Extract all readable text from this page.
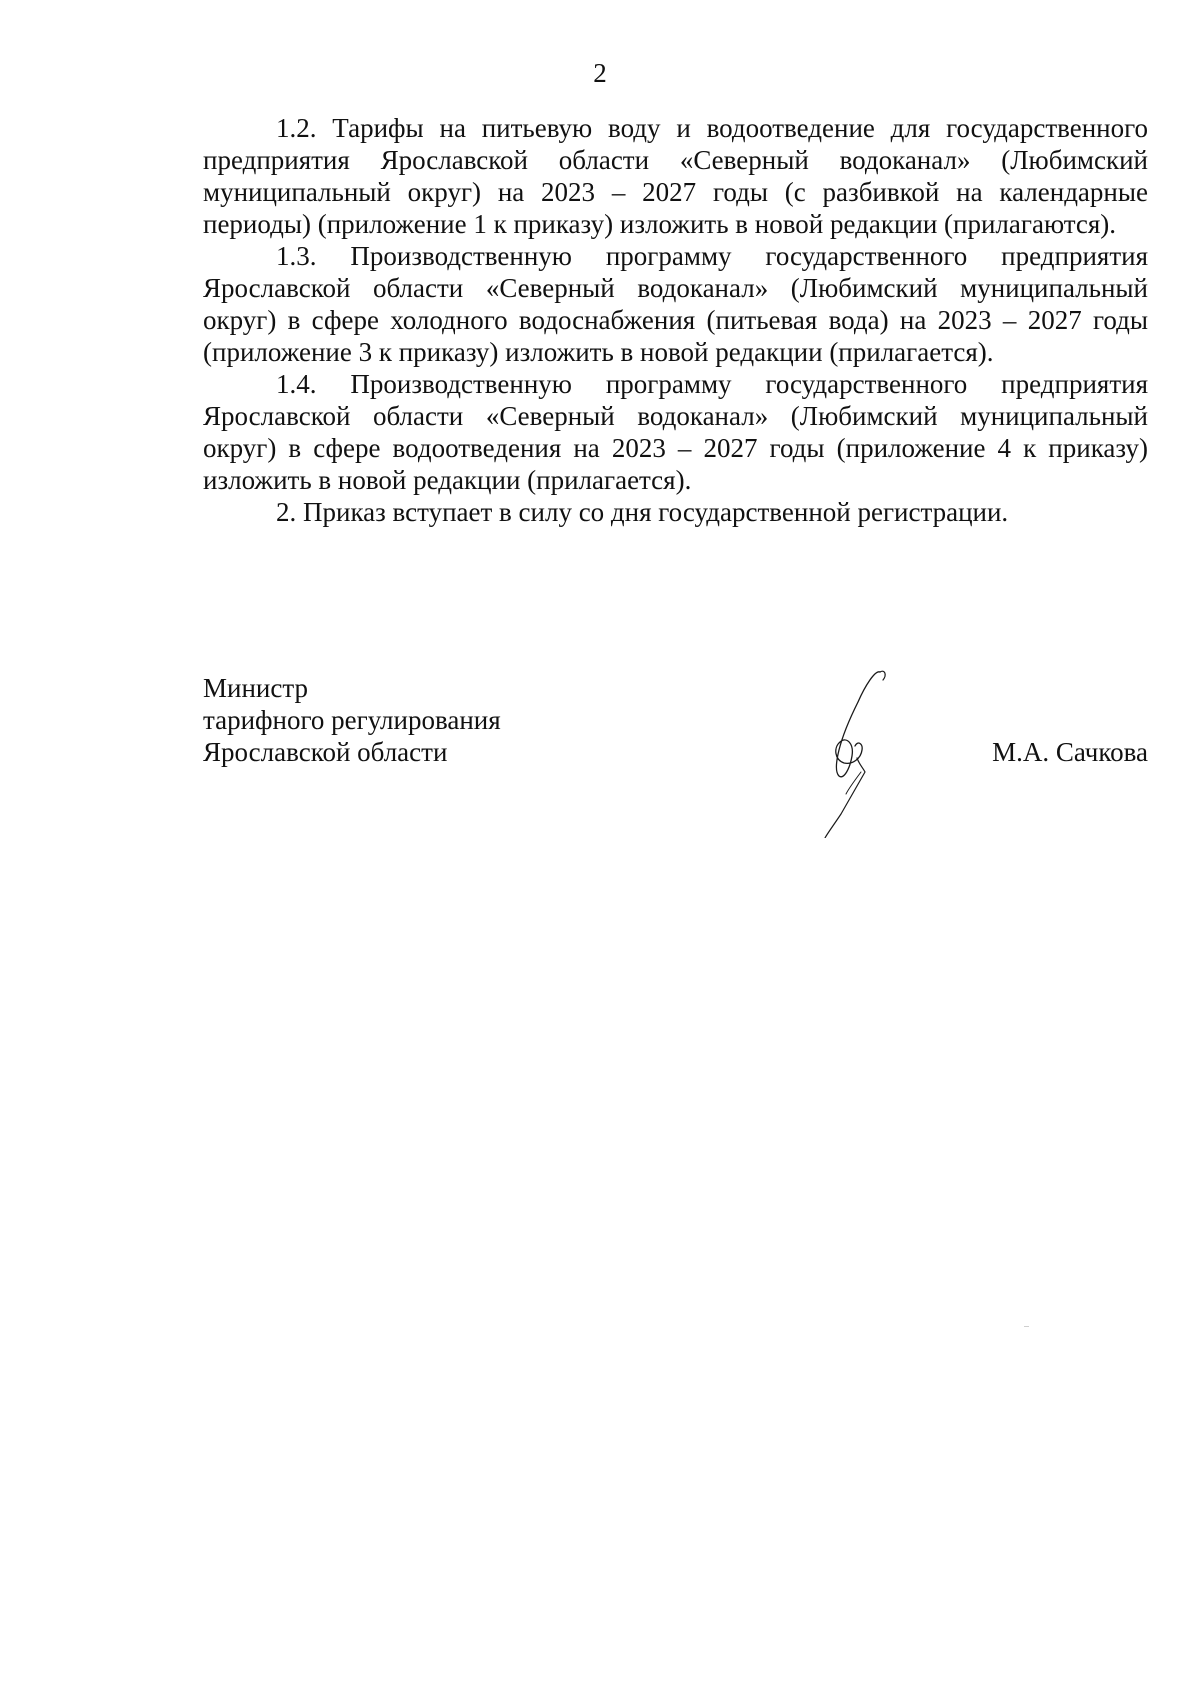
2

1.2. Тарифы на питьевую воду и водоотведение для государственного предприятия Ярославской области «Северный водоканал» (Любимский муниципальный округ) на 2023 – 2027 годы (с разбивкой на календарные периоды) (приложение 1 к приказу) изложить в новой редакции (прилагаются).

1.3. Производственную программу государственного предприятия Ярославской области «Северный водоканал» (Любимский муниципальный округ) в сфере холодного водоснабжения (питьевая вода) на 2023 – 2027 годы (приложение 3 к приказу) изложить в новой редакции (прилагается).

1.4. Производственную программу государственного предприятия Ярославской области «Северный водоканал» (Любимский муниципальный округ) в сфере водоотведения на 2023 – 2027 годы (приложение 4 к приказу) изложить в новой редакции (прилагается).

2. Приказ вступает в силу со дня государственной регистрации.

Министр
тарифного регулирования
Ярославской области	М.А. Сачкова
